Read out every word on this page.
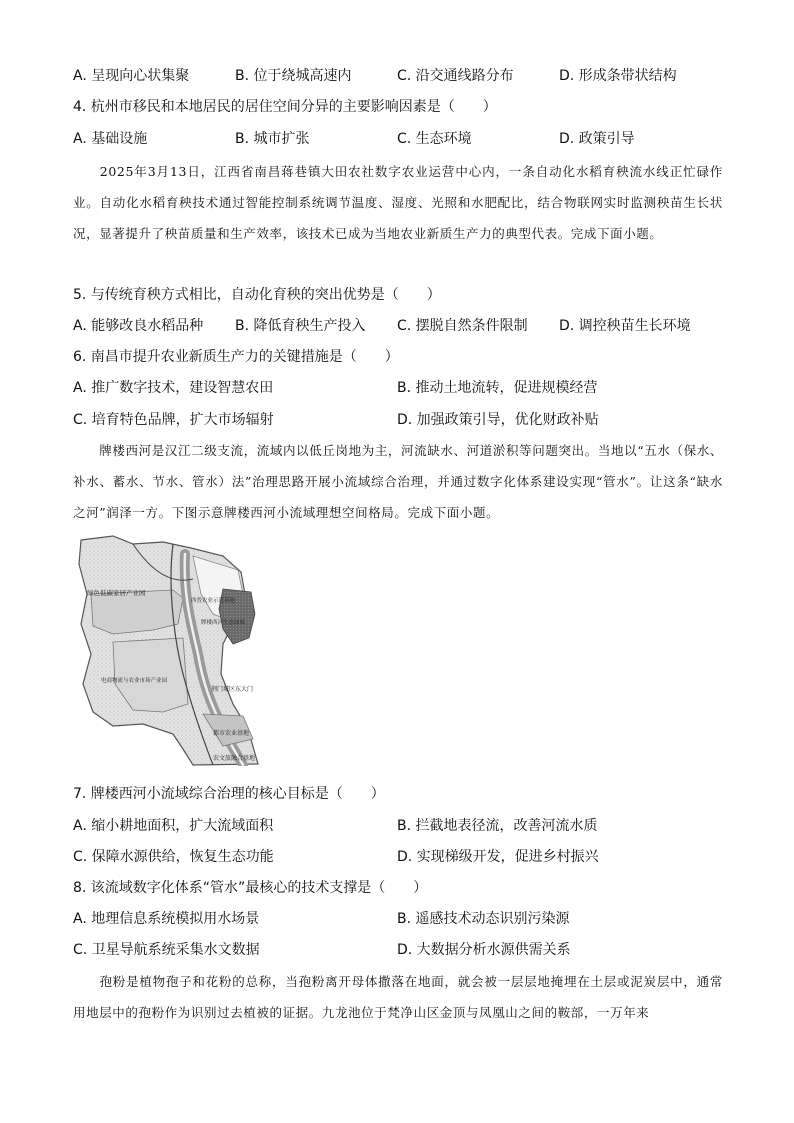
A. 呈现向心状集聚	B. 位于绕城高速内	C. 沿交通线路分布	D. 形成条带状结构
4. 杭州市移民和本地居民的居住空间分异的主要影响因素是（　　）
A. 基础设施	B. 城市扩张	C. 生态环境	D. 政策引导

　　2025年3月13日，江西省南昌蒋巷镇大田农社数字农业运营中心内，一条自动化水稻育秧流水线正忙碌作业。自动化水稻育秧技术通过智能控制系统调节温度、湿度、光照和水肥配比，结合物联网实时监测秧苗生长状况，显著提升了秧苗质量和生产效率，该技术已成为当地农业新质生产力的典型代表。完成下面小题。

5. 与传统育秧方式相比，自动化育秧的突出优势是（　　）
A. 能够改良水稻品种 B. 降低育秧生产投入 C. 摆脱自然条件限制 D. 调控秧苗生长环境
6. 南昌市提升农业新质生产力的关键措施是（　　）
A. 推广数字技术，建设智慧农田	B. 推动土地流转，促进规模经营
C. 培育特色品牌，扩大市场辐射	D. 加强政策引导，优化财政补贴

　　牌楼西河是汉江二级支流，流域内以低丘岗地为主，河流缺水、河道淤积等问题突出。当地以“五水（保水、补水、蓄水、节水、管水）法”治理思路开展小流域综合治理，并通过数字化体系建设实现“管水”。让这条“缺水之河”润泽一方。下图示意牌楼西河小流域理想空间格局。完成下面小题。

绿色低碳家居产业园
西普农业示范基地
牌楼西河生态绿廊
电商物流与农业市场产业园
荆门城区东大门
都市农业基地
农文旅融合基地
7. 牌楼西河小流域综合治理的核心目标是（　　）
A. 缩小耕地面积，扩大流域面积	B. 拦截地表径流，改善河流水质
C. 保障水源供给，恢复生态功能	D. 实现梯级开发，促进乡村振兴
8. 该流域数字化体系“管水”最核心的技术支撑是（　　）
A. 地理信息系统模拟用水场景	B. 遥感技术动态识别污染源
C. 卫星导航系统采集水文数据	D. 大数据分析水源供需关系

　　孢粉是植物孢子和花粉的总称，当孢粉离开母体撒落在地面，就会被一层层地掩埋在土层或泥炭层中，通常用地层中的孢粉作为识别过去植被的证据。九龙池位于梵净山区金顶与凤凰山之间的鞍部，一万年来
